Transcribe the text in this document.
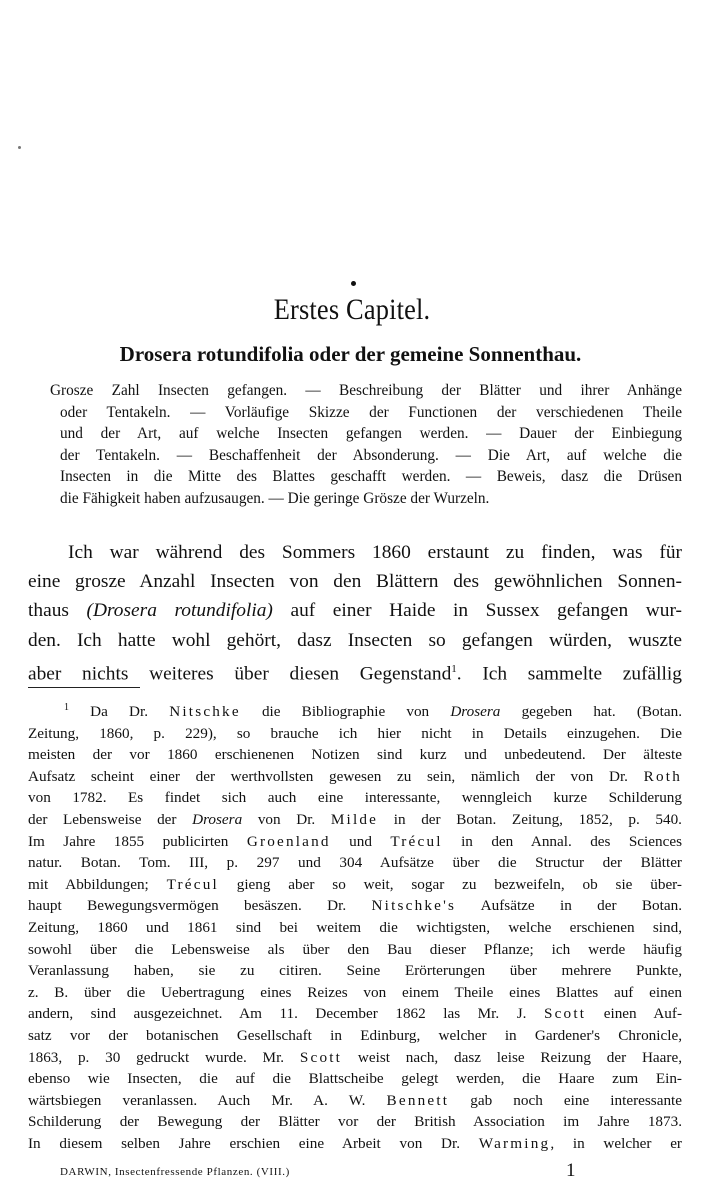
Erstes Capitel.
Drosera rotundifolia oder der gemeine Sonnenthau.
Grosze Zahl Insecten gefangen. — Beschreibung der Blätter und ihrer Anhänge
oder Tentakeln. — Vorläufige Skizze der Functionen der verschiedenen Theile
und der Art, auf welche Insecten gefangen werden. — Dauer der Einbiegung
der Tentakeln. — Beschaffenheit der Absonderung. — Die Art, auf welche die
Insecten in die Mitte des Blattes geschafft werden. — Beweis, dasz die Drüsen
die Fähigkeit haben aufzusaugen. — Die geringe Grösze der Wurzeln.
Ich war während des Sommers 1860 erstaunt zu finden, was für
eine grosze Anzahl Insecten von den Blättern des gewöhnlichen Sonnen-
thaus (Drosera rotundifolia) auf einer Haide in Sussex gefangen wur-
den. Ich hatte wohl gehört, dasz Insecten so gefangen würden, wuszte
aber nichts weiteres über diesen Gegenstand$^1$. Ich sammelte zufällig
$^1$ Da Dr. Nitschke die Bibliographie von Drosera gegeben hat. (Botan.
Zeitung, 1860, p. 229), so brauche ich hier nicht in Details einzugehen. Die
meisten der vor 1860 erschienenen Notizen sind kurz und unbedeutend. Der älteste
Aufsatz scheint einer der werthvollsten gewesen zu sein, nämlich der von Dr. Roth
von 1782. Es findet sich auch eine interessante, wenngleich kurze Schilderung
der Lebensweise der Drosera von Dr. Milde in der Botan. Zeitung, 1852, p. 540.
Im Jahre 1855 publicirten Groenland und Trécul in den Annal. des Sciences
natur. Botan. Tom. III, p. 297 und 304 Aufsätze über die Structur der Blätter
mit Abbildungen; Trécul gieng aber so weit, sogar zu bezweifeln, ob sie über-
haupt Bewegungsvermögen besäszen. Dr. Nitschke's Aufsätze in der Botan.
Zeitung, 1860 und 1861 sind bei weitem die wichtigsten, welche erschienen sind,
sowohl über die Lebensweise als über den Bau dieser Pflanze; ich werde häufig
Veranlassung haben, sie zu citiren. Seine Erörterungen über mehrere Punkte,
z. B. über die Uebertragung eines Reizes von einem Theile eines Blattes auf einen
andern, sind ausgezeichnet. Am 11. December 1862 las Mr. J. Scott einen Auf-
satz vor der botanischen Gesellschaft in Edinburg, welcher in Gardener's Chronicle,
1863, p. 30 gedruckt wurde. Mr. Scott weist nach, dasz leise Reizung der Haare,
ebenso wie Insecten, die auf die Blattscheibe gelegt werden, die Haare zum Ein-
wärtsbiegen veranlassen. Auch Mr. A. W. Bennett gab noch eine interessante
Schilderung der Bewegung der Blätter vor der British Association im Jahre 1873.
In diesem selben Jahre erschien eine Arbeit von Dr. Warming, in welcher er
DARWIN, Insectenfressende Pflanzen. (VIII.)	1
